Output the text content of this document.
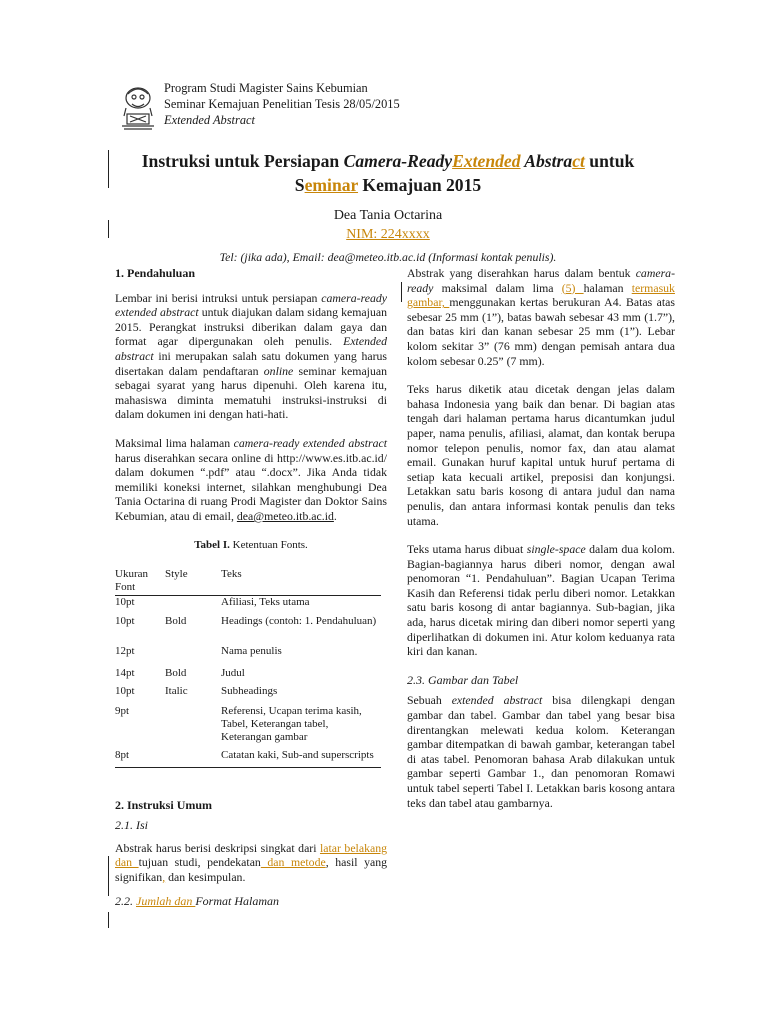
Program Studi Magister Sains Kebumian
Seminar Kemajuan Penelitian Tesis 28/05/2015
Extended Abstract
Instruksi untuk Persiapan Camera-ReadyExtended Abstract untuk
Seminar Kemajuan 2015
Dea Tania Octarina
NIM: 224xxxx
Tel: (jika ada), Email: dea@meteo.itb.ac.id (Informasi kontak penulis).

1. Pendahuluan

Lembar ini berisi intruksi untuk persiapan camera-ready extended abstract untuk diajukan dalam sidang kemajuan 2015. Perangkat instruksi diberikan dalam gaya dan format agar dipergunakan oleh penulis. Extended abstract ini merupakan salah satu dokumen yang harus disertakan dalam pendaftaran online seminar kemajuan sebagai syarat yang harus dipenuhi. Oleh karena itu, mahasiswa diminta mematuhi instruksi-instruksi di dalam dokumen ini dengan hati-hati.

Maksimal lima halaman camera-ready extended abstract harus diserahkan secara online di http://www.es.itb.ac.id/ dalam dokumen “.pdf” atau “.docx”. Jika Anda tidak memiliki koneksi internet, silahkan menghubungi Dea Tania Octarina di ruang Prodi Magister dan Doktor Sains Kebumian, atau di email, dea@meteo.itb.ac.id.

Tabel I. Ketentuan Fonts.
Ukuran Font	Style	Teks
10pt		Afiliasi, Teks utama
10pt	Bold	Headings (contoh: 1. Pendahuluan)
12pt		Nama penulis
14pt	Bold	Judul
10pt	Italic	Subheadings
9pt		Referensi, Ucapan terima kasih, Tabel, Keterangan tabel, Keterangan gambar
8pt		Catatan kaki, Sub-and superscripts

2. Instruksi Umum

2.1. Isi

Abstrak harus berisi deskripsi singkat dari latar belakang dan tujuan studi, pendekatan dan metode, hasil yang signifikan, dan kesimpulan.

2.2. Jumlah dan Format Halaman

Abstrak yang diserahkan harus dalam bentuk camera-ready maksimal dalam lima (5) halaman termasuk gambar, menggunakan kertas berukuran A4. Batas atas sebesar 25 mm (1”), batas bawah sebesar 43 mm (1.7”), dan batas kiri dan kanan sebesar 25 mm (1”). Lebar kolom sekitar 3” (76 mm) dengan pemisah antara dua kolom sebesar 0.25” (7 mm).

Teks harus diketik atau dicetak dengan jelas dalam bahasa Indonesia yang baik dan benar. Di bagian atas tengah dari halaman pertama harus dicantumkan judul paper, nama penulis, afiliasi, alamat, dan kontak berupa nomor telepon penulis, nomor fax, dan atau alamat email. Gunakan huruf kapital untuk huruf pertama di setiap kata kecuali artikel, preposisi dan konjungsi. Letakkan satu baris kosong di antara judul dan nama penulis, dan antara informasi kontak penulis dan teks utama.

Teks utama harus dibuat single-space dalam dua kolom. Bagian-bagiannya harus diberi nomor, dengan awal penomoran “1. Pendahuluan”. Bagian Ucapan Terima Kasih dan Referensi tidak perlu diberi nomor. Letakkan satu baris kosong di antar bagiannya. Sub-bagian, jika ada, harus dicetak miring dan diberi nomor seperti yang diperlihatkan di dokumen ini. Atur kolom keduanya rata kiri dan kanan.

2.3. Gambar dan Tabel

Sebuah extended abstract bisa dilengkapi dengan gambar dan tabel. Gambar dan tabel yang besar bisa direntangkan melewati kedua kolom. Keterangan gambar ditempatkan di bawah gambar, keterangan tabel di atas tabel. Penomoran bahasa Arab dilakukan untuk gambar seperti Gambar 1., dan penomoran Romawi untuk tabel seperti Tabel I. Letakkan baris kosong antara teks dan tabel atau gambarnya.
